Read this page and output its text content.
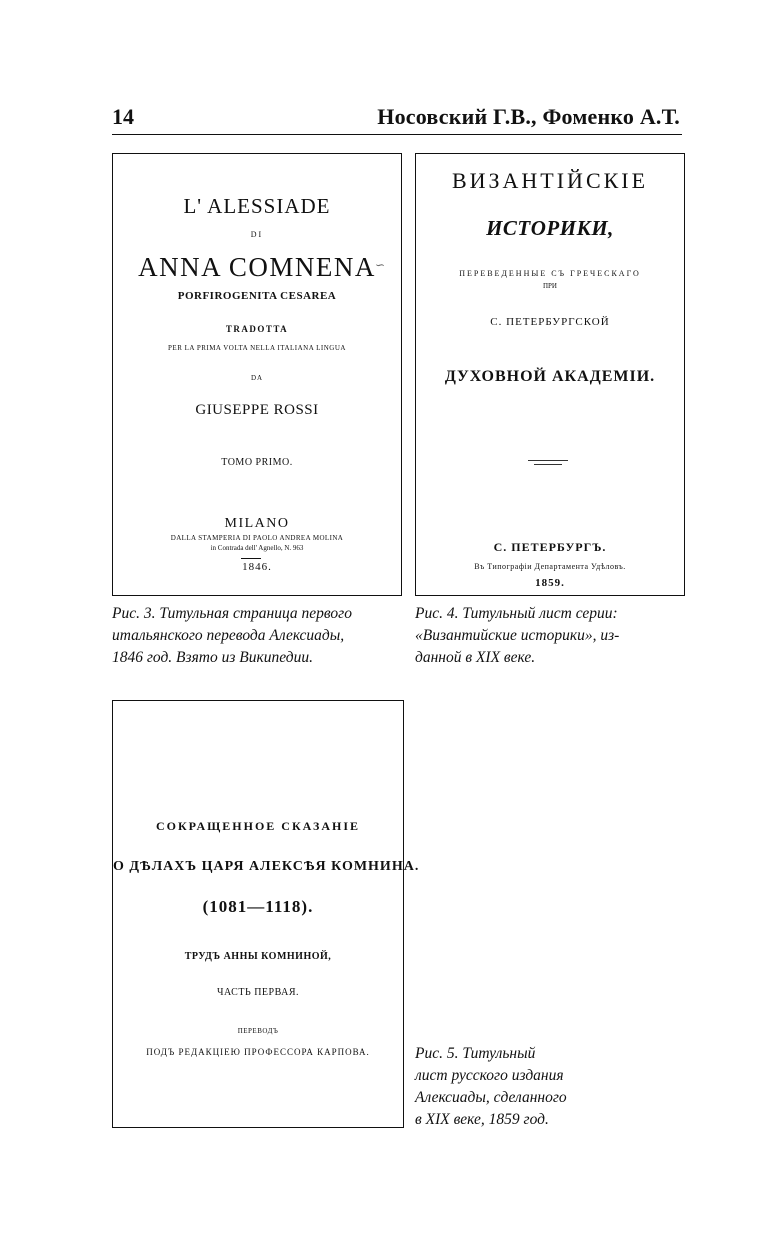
14	Носовский Г.В., Фоменко А.Т.
L' ALESSIADE
DI
ANNA COMNENA ∽
PORFIROGENITA CESAREA
TRADOTTA
PER LA PRIMA VOLTA NELLA ITALIANA LINGUA
DA
GIUSEPPE ROSSI
TOMO PRIMO.
MILANO
DALLA STAMPERIA DI PAOLO ANDREA MOLINA
in Contrada dell' Agnello, N. 963
1846.
ВИЗАНТІЙСКІЕ
ИСТОРИКИ,
ПЕРЕВЕДЕННЫЕ СЪ ГРЕЧЕСКАГО
ПРИ
С. ПЕТЕРБУРГСКОЙ
ДУХОВНОЙ АКАДЕМІИ.
С. ПЕТЕРБУРГЪ.
Въ Типографіи Департамента Удѣловъ.
1859.
Рис. 3. Титульная страница первого
итальянского перевода Алексиады,
1846 год. Взято из Википедии.
Рис. 4. Титульный лист серии:
«Византийские историки», из-
данной в XIX веке.
СОКРАЩЕННОЕ СКАЗАНІЕ
О ДѢЛАХЪ ЦАРЯ АЛЕКСѢЯ КОМНИНА.
(1081—1118).
ТРУДЪ АННЫ КОМНИНОЙ,
ЧАСТЬ ПЕРВАЯ.
ПЕРЕВОДЪ
ПОДЪ РЕДАКЦІЕЮ ПРОФЕССОРА КАРПОВА.	Рис. 5. Титульный
лист русского издания
Алексиады, сделанного
в XIX веке, 1859 год.
